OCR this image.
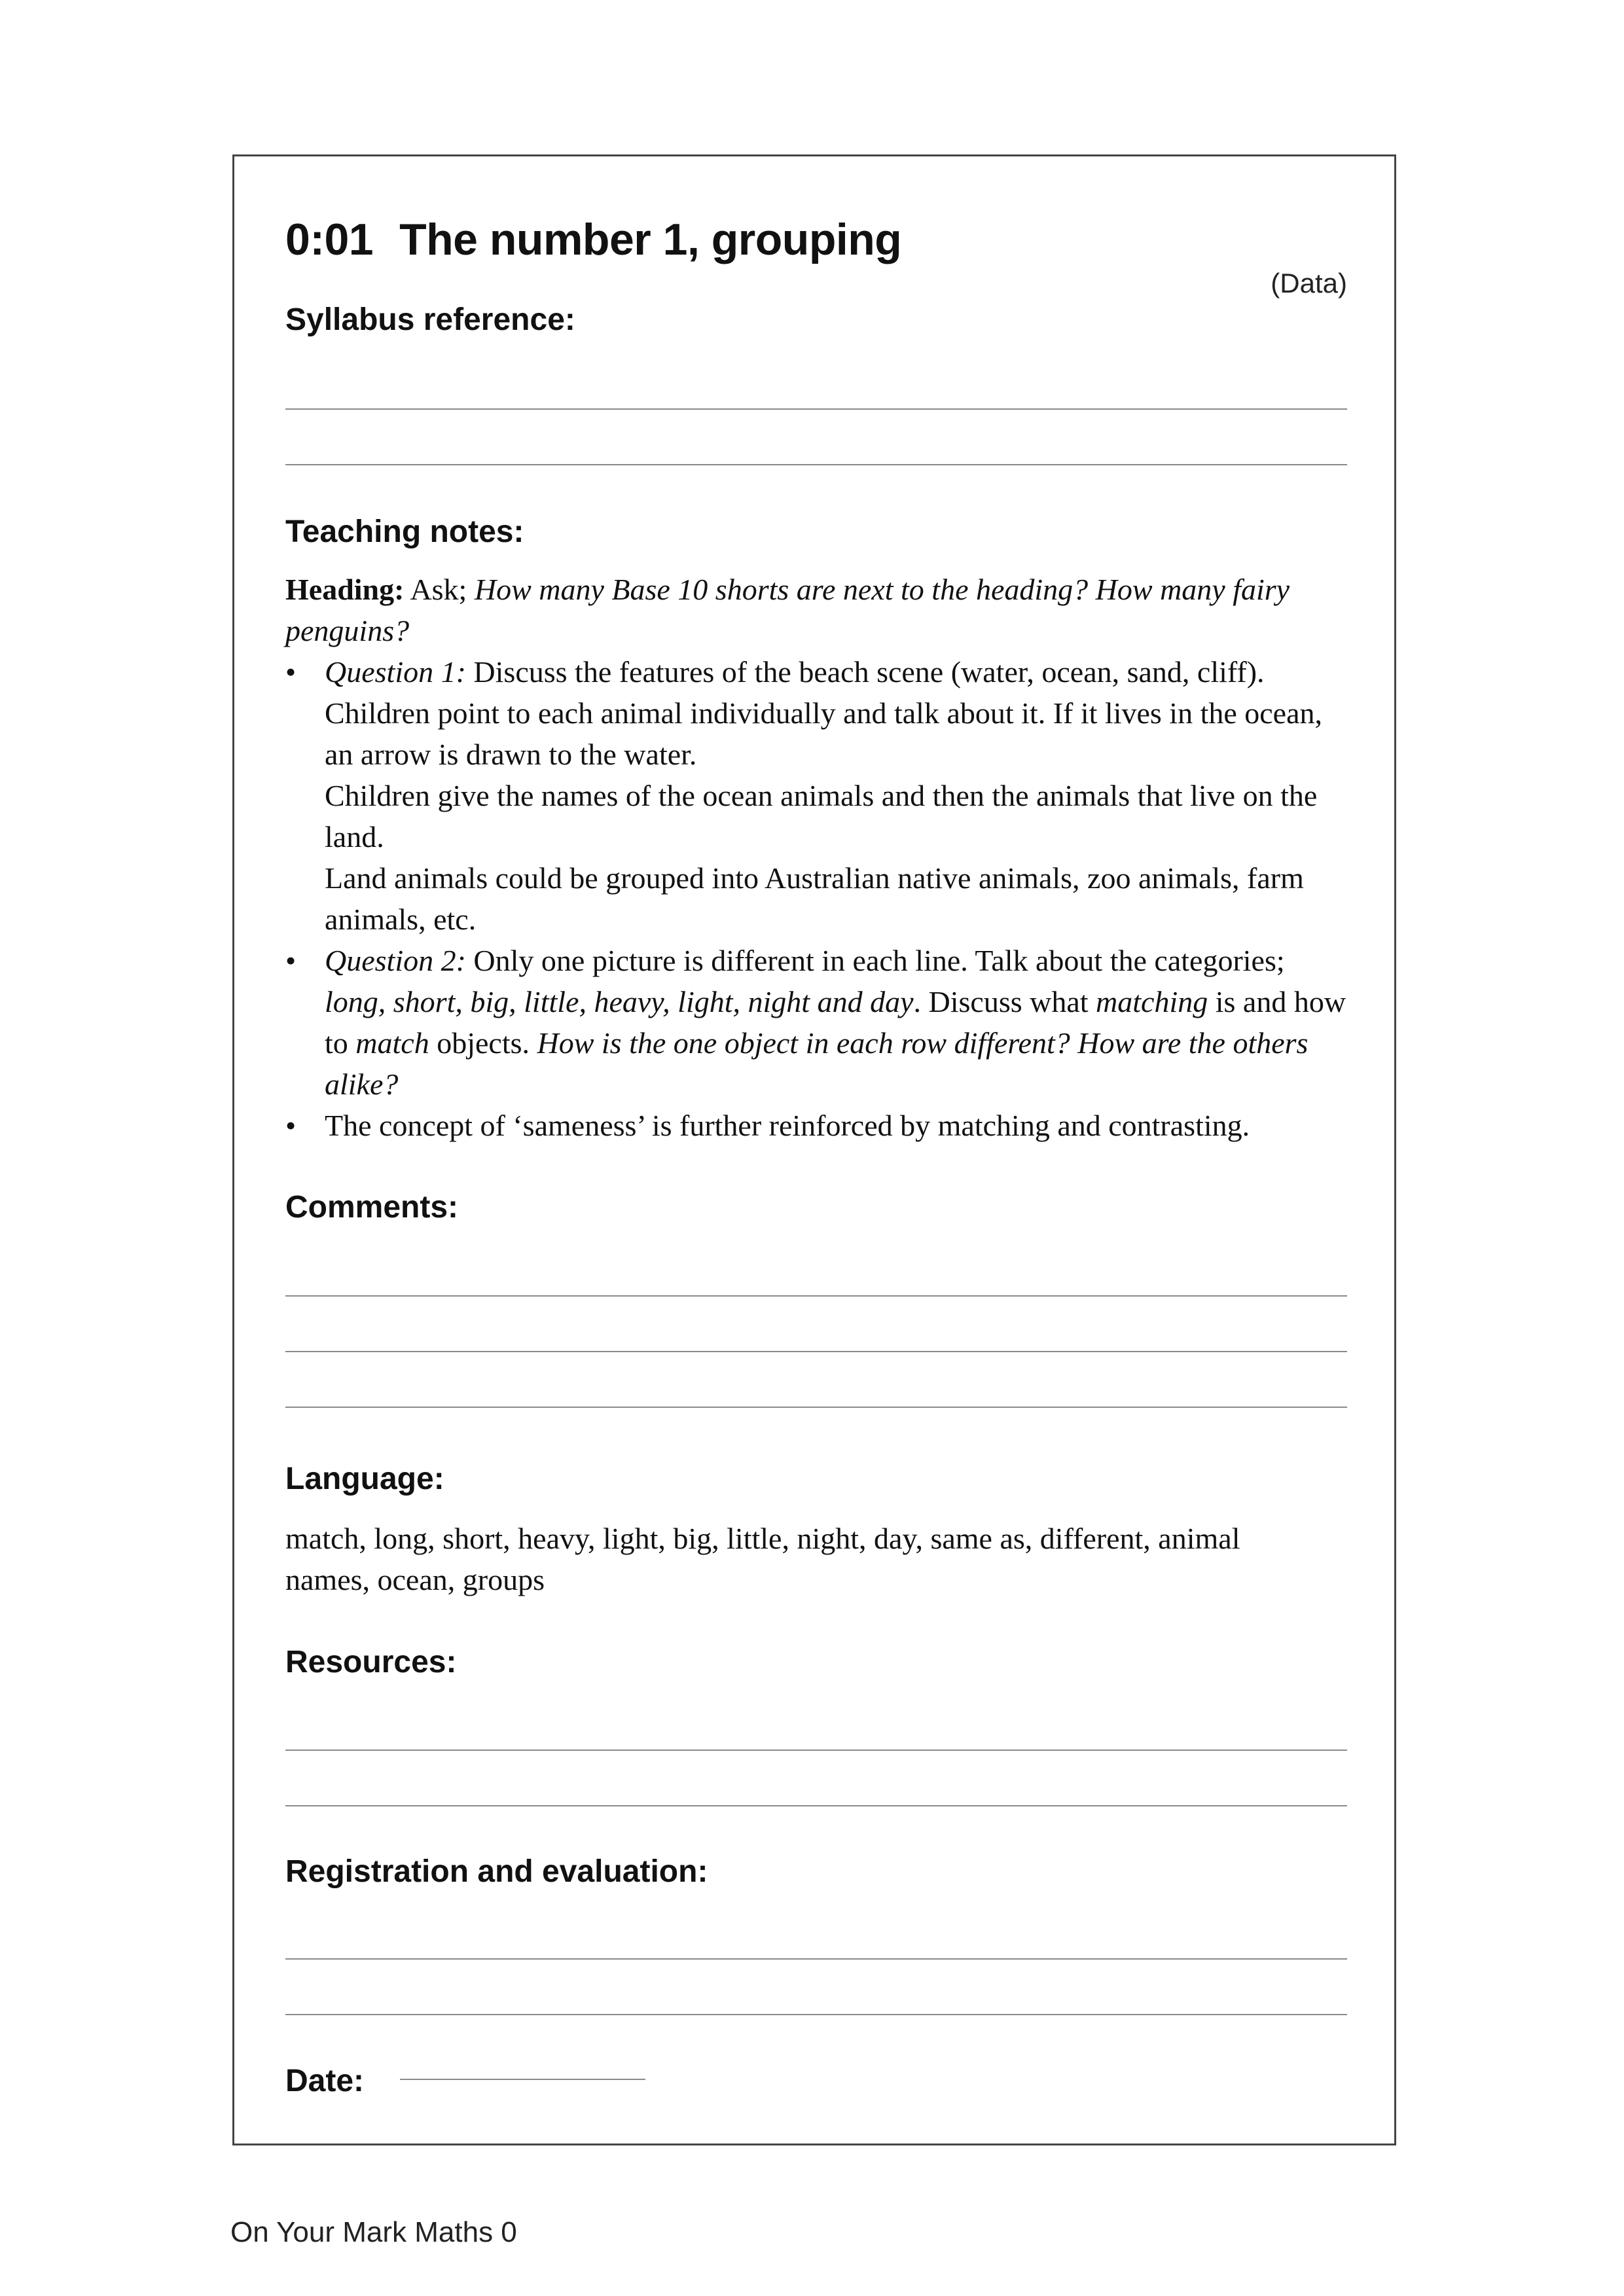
0:01 The number 1, grouping
(Data)
Syllabus reference:
Teaching notes:

Heading: Ask; How many Base 10 shorts are next to the heading? How many fairy penguins?

• Question 1: Discuss the features of the beach scene (water, ocean, sand, cliff). Children point to each animal individually and talk about it. If it lives in the ocean, an arrow is drawn to the water.
Children give the names of the ocean animals and then the animals that live on the land.
Land animals could be grouped into Australian native animals, zoo animals, farm animals, etc.
• Question 2: Only one picture is different in each line. Talk about the categories; long, short, big, little, heavy, light, night and day. Discuss what matching is and how to match objects. How is the one object in each row different? How are the others alike?
• The concept of ‘sameness’ is further reinforced by matching and contrasting.
Comments:
Language:
match, long, short, heavy, light, big, little, night, day, same as, different, animal names, ocean, groups
Resources:
Registration and evaluation:
Date:
On Your Mark Maths 0
